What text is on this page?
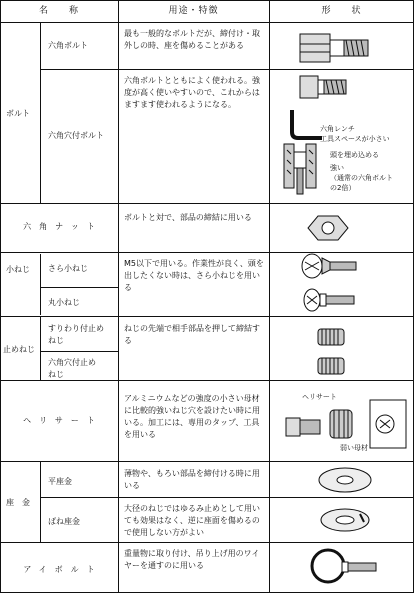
名　　称	用途・特徴	形　　状
ボルト
小ねじ
止めねじ
座　金
六角ナット
ヘリサート
アイボルト
六角ボルト
六角穴付ボルト
さら小ねじ
丸小ねじ
すりわり付止め
ねじ
六角穴付止め
ねじ
平座金
ばね座金
最も一般的なボルトだが、締付け・取外しの時、座を傷めることがある
六角ボルトとともによく使われる。強度が高く使いやすいので、これからはますます使われるようになる。
ボルトと対で、部品の締結に用いる
M5以下で用いる。作業性が良く、頭を出したくない時は、さら小ねじを用いる
ねじの先端で相手部品を押して締結する
アルミニウムなどの強度の小さい母材に比較的強いねじ穴を設けたい時に用いる。加工には、専用のタップ、工具を用いる
薄物や、もろい部品を締付ける時に用いる
大径のねじではゆるみ止めとして用いても効果はなく、逆に座面を傷めるので使用しない方がよい
重量物に取り付け、吊り上げ用のワイヤーを通すのに用いる
六角レンチ
工具スペースが小さい
頭を埋め込める
強い
（通常の六角ボルト
の2倍）
ヘリサート
弱い母材
